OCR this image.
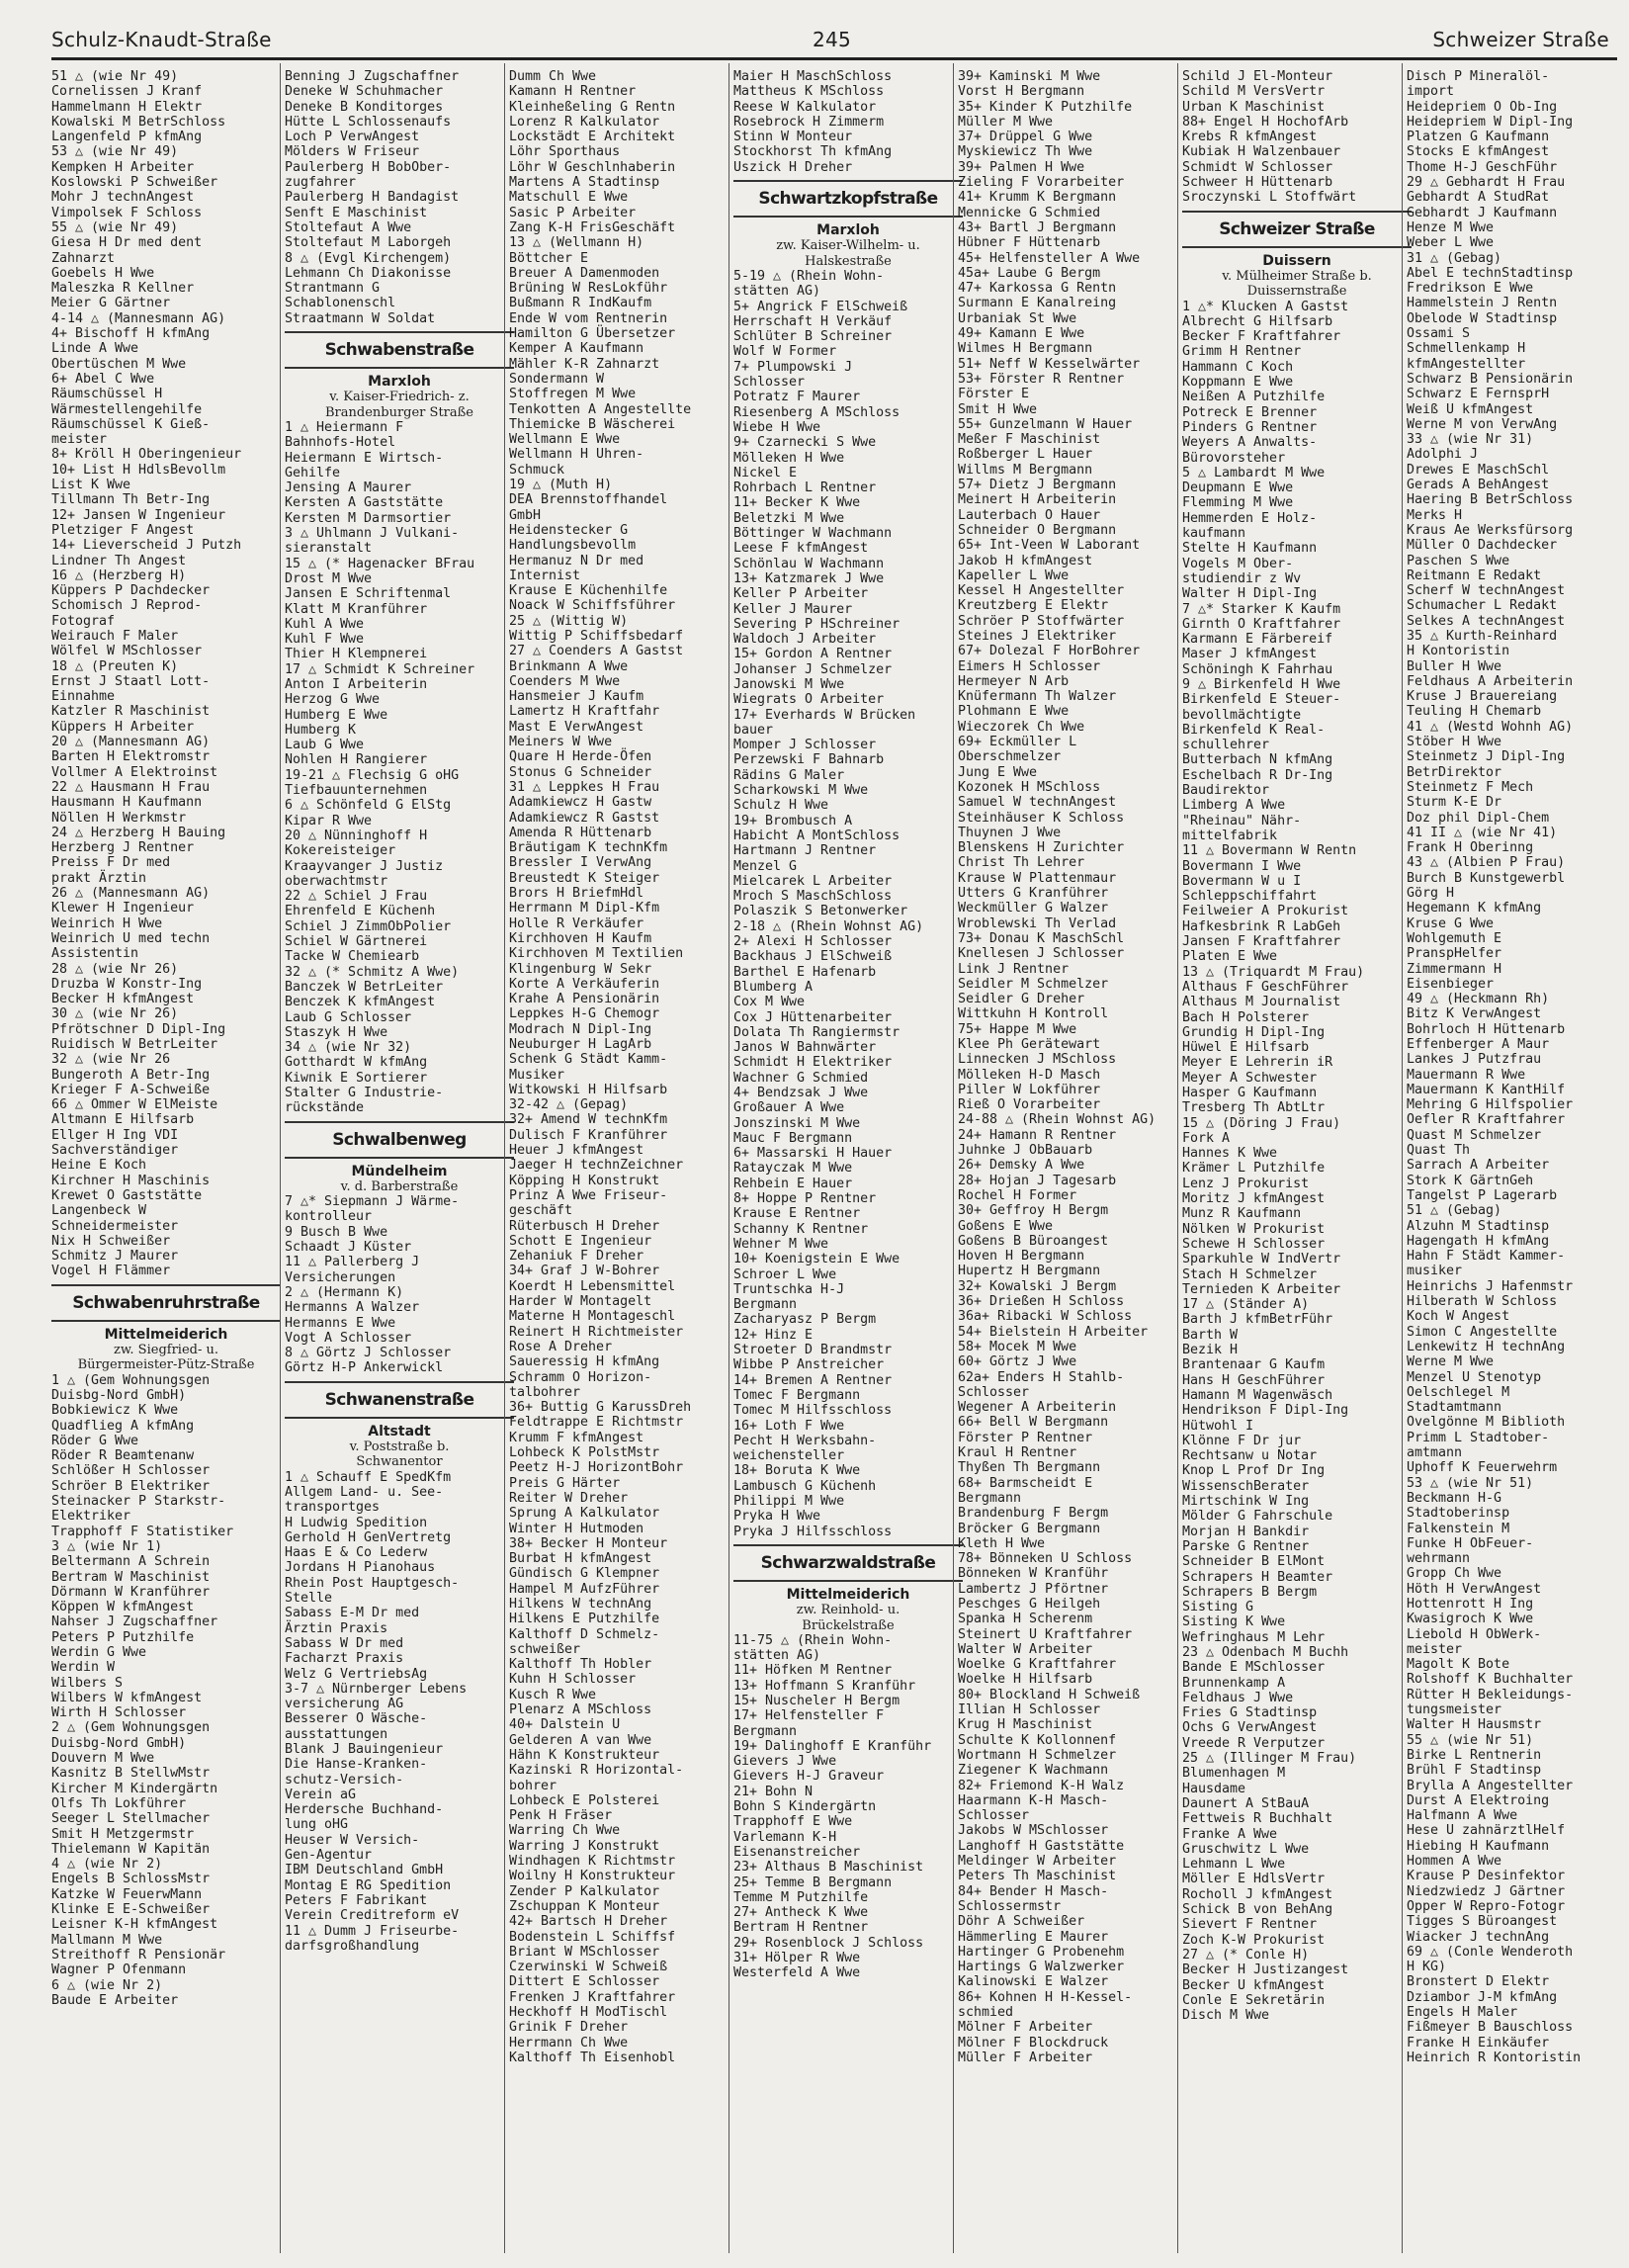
Schulz-Knaudt-Straße	245	Schweizer Straße
51 △ (wie Nr 49)
Cornelissen J Kranf
Hammelmann H Elektr
Kowalski M BetrSchloss
Langenfeld P kfmAng
53 △ (wie Nr 49)
Kempken H Arbeiter
Koslowski P Schweißer
Mohr J technAngest
Vimpolsek F Schloss
55 △ (wie Nr 49)
Giesa H Dr med dent
Zahnarzt
Goebels H Wwe
Maleszka R Kellner
Meier G Gärtner
4-14 △ (Mannesmann AG)
4+ Bischoff H kfmAng
Linde A Wwe
Obertüschen M Wwe
6+ Abel C Wwe
Räumschüssel H
Wärmestellengehilfe
Räumschüssel K Gieß-
meister
8+ Kröll H Oberingenieur
10+ List H HdlsBevollm
List K Wwe
Tillmann Th Betr-Ing
12+ Jansen W Ingenieur
Pletziger F Angest
14+ Lieverscheid J Putzh
Lindner Th Angest
16 △ (Herzberg H)
Küppers P Dachdecker
Schomisch J Reprod-
Fotograf
Weirauch F Maler
Wölfel W MSchlosser
18 △ (Preuten K)
Ernst J Staatl Lott-
Einnahme
Katzler R Maschinist
Küppers H Arbeiter
20 △ (Mannesmann AG)
Barten H Elektromstr
Vollmer A Elektroinst
22 △ Hausmann H Frau
Hausmann H Kaufmann
Nöllen H Werkmstr
24 △ Herzberg H Bauing
Herzberg J Rentner
Preiss F Dr med
prakt Ärztin
26 △ (Mannesmann AG)
Klewer H Ingenieur
Weinrich H Wwe
Weinrich U med techn
Assistentin
28 △ (wie Nr 26)
Druzba W Konstr-Ing
Becker H kfmAngest
30 △ (wie Nr 26)
Pfrötschner D Dipl-Ing
Ruidisch W BetrLeiter
32 △ (wie Nr 26
Bungeroth A Betr-Ing
Krieger F A-Schweiße
66 △ Ommer W ElMeiste
Altmann E Hilfsarb
Ellger H Ing VDI
Sachverständiger
Heine E Koch
Kirchner H Maschinis
Krewet O Gaststätte
Langenbeck W
Schneidermeister
Nix H Schweißer
Schmitz J Maurer
Vogel H Flämmer
Schwabenruhrstraße
Mittelmeiderich
zw. Siegfried- u.
Bürgermeister-Pütz-Straße
1 △ (Gem Wohnungsgen
Duisbg-Nord GmbH)
Bobkiewicz K Wwe
Quadflieg A kfmAng
Röder G Wwe
Röder R Beamtenanw
Schlößer H Schlosser
Schröer B Elektriker
Steinacker P Starkstr-
Elektriker
Trapphoff F Statistiker
3 △ (wie Nr 1)
Beltermann A Schrein
Bertram W Maschinist
Dörmann W Kranführer
Köppen W kfmAngest
Nahser J Zugschaffner
Peters P Putzhilfe
Werdin G Wwe
Werdin W
Wilbers S
Wilbers W kfmAngest
Wirth H Schlosser
2 △ (Gem Wohnungsgen
Duisbg-Nord GmbH)
Douvern M Wwe
Kasnitz B StellwMstr
Kircher M Kindergärtn
Olfs Th Lokführer
Seeger L Stellmacher
Smit H Metzgermstr
Thielemann W Kapitän
4 △ (wie Nr 2)
Engels B SchlossMstr
Katzke W FeuerwMann
Klinke E E-Schweißer
Leisner K-H kfmAngest
Mallmann M Wwe
Streithoff R Pensionär
Wagner P Ofenmann
6 △ (wie Nr 2)
Baude E Arbeiter
Benning J Zugschaffner
Deneke W Schuhmacher
Deneke B Konditorges
Hütte L Schlossenaufs
Loch P VerwAngest
Mölders W Friseur
Paulerberg H BobOber-
zugfahrer
Paulerberg H Bandagist
Senft E Maschinist
Stoltefaut A Wwe
Stoltefaut M Laborgeh
8 △ (Evgl Kirchengem)
Lehmann Ch Diakonisse
Strantmann G
Schablonenschl
Straatmann W Soldat
Schwabenstraße
Marxloh
v. Kaiser-Friedrich- z.
Brandenburger Straße
1 △ Heiermann F
Bahnhofs-Hotel
Heiermann E Wirtsch-
Gehilfe
Jensing A Maurer
Kersten A Gaststätte
Kersten M Darmsortier
3 △ Uhlmann J Vulkani-
sieranstalt
15 △ (* Hagenacker BFrau
Drost M Wwe
Jansen E Schriftenmal
Klatt M Kranführer
Kuhl A Wwe
Kuhl F Wwe
Thier H Klempnerei
17 △ Schmidt K Schreiner
Anton I Arbeiterin
Herzog G Wwe
Humberg E Wwe
Humberg K
Laub G Wwe
Nohlen H Rangierer
19-21 △ Flechsig G oHG
Tiefbauunternehmen
6 △ Schönfeld G ElStg
Kipar R Wwe
20 △ Nünninghoff H
Kokereisteiger
Kraayvanger J Justiz
oberwachtmstr
22 △ Schiel J Frau
Ehrenfeld E Küchenh
Schiel J ZimmObPolier
Schiel W Gärtnerei
Tacke W Chemiearb
32 △ (* Schmitz A Wwe)
Banczek W BetrLeiter
Benczek K kfmAngest
Laub G Schlosser
Staszyk H Wwe
34 △ (wie Nr 32)
Gotthardt W kfmAng
Kiwnik E Sortierer
Stalter G Industrie-
rückstände
Schwalbenweg
Mündelheim
v. d. Barberstraße
7 △* Siepmann J Wärme-
kontrolleur
9 Busch B Wwe
Schaadt J Küster
11 △ Pallerberg J
Versicherungen
2 △ (Hermann K)
Hermanns A Walzer
Hermanns E Wwe
Vogt A Schlosser
8 △ Görtz J Schlosser
Görtz H-P Ankerwickl
Schwanenstraße
Altstadt
v. Poststraße b.
Schwanentor
1 △ Schauff E SpedKfm
Allgem Land- u. See-
transportges
H Ludwig Spedition
Gerhold H GenVertretg
Haas E & Co Lederw
Jordans H Pianohaus
Rhein Post Hauptgesch-
Stelle
Sabass E-M Dr med
Ärztin Praxis
Sabass W Dr med
Facharzt Praxis
Welz G VertriebsAg
3-7 △ Nürnberger Lebens
versicherung AG
Besserer O Wäsche-
ausstattungen
Blank J Bauingenieur
Die Hanse-Kranken-
schutz-Versich-
Verein aG
Herdersche Buchhand-
lung oHG
Heuser W Versich-
Gen-Agentur
IBM Deutschland GmbH
Montag E RG Spedition
Peters F Fabrikant
Verein Creditreform eV
11 △ Dumm J Friseurbe-
darfsgroßhandlung
Dumm Ch Wwe
Kamann H Rentner
Kleinheßeling G Rentn
Lorenz R Kalkulator
Lockstädt E Architekt
Löhr Sporthaus
Löhr W Geschlnhaberin
Martens A Stadtinsp
Matschull E Wwe
Sasic P Arbeiter
Zang K-H FrisGeschäft
13 △ (Wellmann H)
Böttcher E
Breuer A Damenmoden
Brüning W ResLokführ
Bußmann R IndKaufm
Ende W vom Rentnerin
Hamilton G Übersetzer
Kemper A Kaufmann
Mähler K-R Zahnarzt
Sondermann W
Stoffregen M Wwe
Tenkotten A Angestellte
Thiemicke B Wäscherei
Wellmann E Wwe
Wellmann H Uhren-
Schmuck
19 △ (Muth H)
DEA Brennstoffhandel
GmbH
Heidenstecker G
Handlungsbevollm
Hermanuz N Dr med
Internist
Krause E Küchenhilfe
Noack W Schiffsführer
25 △ (Wittig W)
Wittig P Schiffsbedarf
27 △ Coenders A Gastst
Brinkmann A Wwe
Coenders M Wwe
Hansmeier J Kaufm
Lamertz H Kraftfahr
Mast E VerwAngest
Meiners W Wwe
Quare H Herde-Öfen
Stonus G Schneider
31 △ Leppkes H Frau
Adamkiewcz H Gastw
Adamkiewcz R Gastst
Amenda R Hüttenarb
Bräutigam K technKfm
Bressler I VerwAng
Breustedt K Steiger
Brors H BriefmHdl
Herrmann M Dipl-Kfm
Holle R Verkäufer
Kirchhoven H Kaufm
Kirchhoven M Textilien
Klingenburg W Sekr
Korte A Verkäuferin
Krahe A Pensionärin
Leppkes H-G Chemogr
Modrach N Dipl-Ing
Neuburger H LagArb
Schenk G Städt Kamm-
Musiker
Witkowski H Hilfsarb
32-42 △ (Gepag)
32+ Amend W technKfm
Dulisch F Kranführer
Heuer J kfmAngest
Jaeger H technZeichner
Köpping H Konstrukt
Prinz A Wwe Friseur-
geschäft
Rüterbusch H Dreher
Schott E Ingenieur
Zehaniuk F Dreher
34+ Graf J W-Bohrer
Koerdt H Lebensmittel
Harder W Montagelt
Materne H Montageschl
Reinert H Richtmeister
Rose A Dreher
Saueressig H kfmAng
Schramm O Horizon-
talbohrer
36+ Buttig G KarussDreh
Feldtrappe E Richtmstr
Krumm F kfmAngest
Lohbeck K PolstMstr
Peetz H-J HorizontBohr
Preis G Härter
Reiter W Dreher
Sprung A Kalkulator
Winter H Hutmoden
38+ Becker H Monteur
Burbat H kfmAngest
Gündisch G Klempner
Hampel M AufzFührer
Hilkens W technAng
Hilkens E Putzhilfe
Kalthoff D Schmelz-
schweißer
Kalthoff Th Hobler
Kuhn H Schlosser
Kusch R Wwe
Plenarz A MSchloss
40+ Dalstein U
Gelderen A van Wwe
Hähn K Konstrukteur
Kazinski R Horizontal-
bohrer
Lohbeck E Polsterei
Penk H Fräser
Warring Ch Wwe
Warring J Konstrukt
Windhagen K Richtmstr
Woilny H Konstrukteur
Zender P Kalkulator
Zschuppan K Monteur
42+ Bartsch H Dreher
Bodenstein L Schiffsf
Briant W MSchlosser
Czerwinski W Schweiß
Dittert E Schlosser
Frenken J Kraftfahrer
Heckhoff H ModTischl
Grinik F Dreher
Herrmann Ch Wwe
Kalthoff Th Eisenhobl
Maier H MaschSchloss
Mattheus K MSchloss
Reese W Kalkulator
Rosebrock H Zimmerm
Stinn W Monteur
Stockhorst Th kfmAng
Uszick H Dreher
Schwartzkopfstraße
Marxloh
zw. Kaiser-Wilhelm- u.
Halskestraße
5-19 △ (Rhein Wohn-
stätten AG)
5+ Angrick F ElSchweiß
Herrschaft H Verkäuf
Schlüter B Schreiner
Wolf W Former
7+ Plumpowski J
Schlosser
Potratz F Maurer
Riesenberg A MSchloss
Wiebe H Wwe
9+ Czarnecki S Wwe
Mölleken H Wwe
Nickel E
Rohrbach L Rentner
11+ Becker K Wwe
Beletzki M Wwe
Böttinger W Wachmann
Leese F kfmAngest
Schönlau W Wachmann
13+ Katzmarek J Wwe
Keller P Arbeiter
Keller J Maurer
Severing P HSchreiner
Waldoch J Arbeiter
15+ Gordon A Rentner
Johanser J Schmelzer
Janowski M Wwe
Wiegrats O Arbeiter
17+ Everhards W Brücken
bauer
Momper J Schlosser
Perzewski F Bahnarb
Rädins G Maler
Scharkowski M Wwe
Schulz H Wwe
19+ Brombusch A
Habicht A MontSchloss
Hartmann J Rentner
Menzel G
Mielcarek L Arbeiter
Mroch S MaschSchloss
Polaszik S Betonwerker
2-18 △ (Rhein Wohnst AG)
2+ Alexi H Schlosser
Backhaus J ElSchweiß
Barthel E Hafenarb
Blumberg A
Cox M Wwe
Cox J Hüttenarbeiter
Dolata Th Rangiermstr
Janos W Bahnwärter
Schmidt H Elektriker
Wachner G Schmied
4+ Bendzsak J Wwe
Großauer A Wwe
Jonszinski M Wwe
Mauc F Bergmann
6+ Massarski H Hauer
Ratayczak M Wwe
Rehbein E Hauer
8+ Hoppe P Rentner
Krause E Rentner
Schanny K Rentner
Wehner M Wwe
10+ Koenigstein E Wwe
Schroer L Wwe
Truntschka H-J
Bergmann
Zacharyasz P Bergm
12+ Hinz E
Stroeter D Brandmstr
Wibbe P Anstreicher
14+ Bremen A Rentner
Tomec F Bergmann
Tomec M Hilfsschloss
16+ Loth F Wwe
Pecht H Werksbahn-
weichensteller
18+ Boruta K Wwe
Lambusch G Küchenh
Philippi M Wwe
Pryka H Wwe
Pryka J Hilfsschloss
Schwarzwaldstraße
Mittelmeiderich
zw. Reinhold- u.
Brückelstraße
11-75 △ (Rhein Wohn-
stätten AG)
11+ Höfken M Rentner
13+ Hoffmann S Kranführ
15+ Nuscheler H Bergm
17+ Helfensteller F
Bergmann
19+ Dalinghoff E Kranführ
Gievers J Wwe
Gievers H-J Graveur
21+ Bohn N
Bohn S Kindergärtn
Trapphoff E Wwe
Varlemann K-H
Eisenanstreicher
23+ Althaus B Maschinist
25+ Temme B Bergmann
Temme M Putzhilfe
27+ Antheck K Wwe
Bertram H Rentner
29+ Rosenblock J Schloss
31+ Hölper R Wwe
Westerfeld A Wwe
39+ Kaminski M Wwe
Vorst H Bergmann
35+ Kinder K Putzhilfe
Müller M Wwe
37+ Drüppel G Wwe
Myskiewicz Th Wwe
39+ Palmen H Wwe
Zieling F Vorarbeiter
41+ Krumm K Bergmann
Mennicke G Schmied
43+ Bartl J Bergmann
Hübner F Hüttenarb
45+ Helfensteller A Wwe
45a+ Laube G Bergm
47+ Karkossa G Rentn
Surmann E Kanalreing
Urbaniak St Wwe
49+ Kamann E Wwe
Wilmes H Bergmann
51+ Neff W Kesselwärter
53+ Förster R Rentner
Förster E
Smit H Wwe
55+ Gunzelmann W Hauer
Meßer F Maschinist
Roßberger L Hauer
Willms M Bergmann
57+ Dietz J Bergmann
Meinert H Arbeiterin
Lauterbach O Hauer
Schneider O Bergmann
65+ Int-Veen W Laborant
Jakob H kfmAngest
Kapeller L Wwe
Kessel H Angestellter
Kreutzberg E Elektr
Schröer P Stoffwärter
Steines J Elektriker
67+ Dolezal F HorBohrer
Eimers H Schlosser
Hermeyer N Arb
Knüfermann Th Walzer
Plohmann E Wwe
Wieczorek Ch Wwe
69+ Eckmüller L
Oberschmelzer
Jung E Wwe
Kozonek H MSchloss
Samuel W technAngest
Steinhäuser K Schloss
Thuynen J Wwe
Blenskens H Zurichter
Christ Th Lehrer
Krause W Plattenmaur
Utters G Kranführer
Weckmüller G Walzer
Wroblewski Th Verlad
73+ Donau K MaschSchl
Knellesen J Schlosser
Link J Rentner
Seidler M Schmelzer
Seidler G Dreher
Wittkuhn H Kontroll
75+ Happe M Wwe
Klee Ph Gerätewart
Linnecken J MSchloss
Mölleken H-D Masch
Piller W Lokführer
Rieß O Vorarbeiter
24-88 △ (Rhein Wohnst AG)
24+ Hamann R Rentner
Juhnke J ObBauarb
26+ Demsky A Wwe
28+ Hojan J Tagesarb
Rochel H Former
30+ Geffroy H Bergm
Goßens E Wwe
Goßens B Büroangest
Hoven H Bergmann
Hupertz H Bergmann
32+ Kowalski J Bergm
36+ Drießen H Schloss
36a+ Ribacki W Schloss
54+ Bielstein H Arbeiter
58+ Mocek M Wwe
60+ Görtz J Wwe
62a+ Enders H Stahlb-
Schlosser
Wegener A Arbeiterin
66+ Bell W Bergmann
Förster P Rentner
Kraul H Rentner
Thyßen Th Bergmann
68+ Barmscheidt E
Bergmann
Brandenburg F Bergm
Bröcker G Bergmann
Kleth H Wwe
78+ Bönneken U Schloss
Bönneken W Kranführ
Lambertz J Pförtner
Peschges G Heilgeh
Spanka H Scherenm
Steinert U Kraftfahrer
Walter W Arbeiter
Woelke G Kraftfahrer
Woelke H Hilfsarb
80+ Blockland H Schweiß
Illian H Schlosser
Krug H Maschinist
Schulte K Kollonnenf
Wortmann H Schmelzer
Ziegener K Wachmann
82+ Friemond K-H Walz
Haarmann K-H Masch-
Schlosser
Jakobs W MSchlosser
Langhoff H Gaststätte
Meldinger W Arbeiter
Peters Th Maschinist
84+ Bender H Masch-
Schlossermstr
Döhr A Schweißer
Hämmerling E Maurer
Hartinger G Probenehm
Hartings G Walzwerker
Kalinowski E Walzer
86+ Kohnen H H-Kessel-
schmied
Mölner F Arbeiter
Mölner F Blockdruck
Müller F Arbeiter
Schild J El-Monteur
Schild M VersVertr
Urban K Maschinist
88+ Engel H HochofArb
Krebs R kfmAngest
Kubiak H Walzenbauer
Schmidt W Schlosser
Schweer H Hüttenarb
Sroczynski L Stoffwärt
Schweizer Straße
Duissern
v. Mülheimer Straße b.
Duissernstraße
1 △* Klucken A Gastst
Albrecht G Hilfsarb
Becker F Kraftfahrer
Grimm H Rentner
Hammann C Koch
Koppmann E Wwe
Neißen A Putzhilfe
Potreck E Brenner
Pinders G Rentner
Weyers A Anwalts-
Bürovorsteher
5 △ Lambardt M Wwe
Deupmann E Wwe
Flemming M Wwe
Hemmerden E Holz-
kaufmann
Stelte H Kaufmann
Vogels M Ober-
studiendir z Wv
Walter H Dipl-Ing
7 △* Starker K Kaufm
Girnth O Kraftfahrer
Karmann E Färbereif
Maser J kfmAngest
Schöningh K Fahrhau
9 △ Birkenfeld H Wwe
Birkenfeld E Steuer-
bevollmächtigte
Birkenfeld K Real-
schullehrer
Butterbach N kfmAng
Eschelbach R Dr-Ing
Baudirektor
Limberg A Wwe
"Rheinau" Nähr-
mittelfabrik
11 △ Bovermann W Rentn
Bovermann I Wwe
Bovermann W u I
Schleppschiffahrt
Feilweier A Prokurist
Hafkesbrink R LabGeh
Jansen F Kraftfahrer
Platen E Wwe
13 △ (Triquardt M Frau)
Althaus F GeschFührer
Althaus M Journalist
Bach H Polsterer
Grundig H Dipl-Ing
Hüwel E Hilfsarb
Meyer E Lehrerin iR
Meyer A Schwester
Hasper G Kaufmann
Tresberg Th AbtLtr
15 △ (Döring J Frau)
Fork A
Hannes K Wwe
Krämer L Putzhilfe
Lenz J Prokurist
Moritz J kfmAngest
Munz R Kaufmann
Nölken W Prokurist
Schewe H Schlosser
Sparkuhle W IndVertr
Stach H Schmelzer
Ternieden K Arbeiter
17 △ (Ständer A)
Barth J kfmBetrFühr
Barth W
Bezik H
Brantenaar G Kaufm
Hans H GeschFührer
Hamann M Wagenwäsch
Hendrikson F Dipl-Ing
Hütwohl I
Klönne F Dr jur
Rechtsanw u Notar
Knop L Prof Dr Ing
WissenschBerater
Mirtschink W Ing
Mölder G Fahrschule
Morjan H Bankdir
Parske G Rentner
Schneider B ElMont
Schrapers H Beamter
Schrapers B Bergm
Sisting G
Sisting K Wwe
Wefringhaus M Lehr
23 △ Odenbach M Buchh
Bande E MSchlosser
Brunnenkamp A
Feldhaus J Wwe
Fries G Stadtinsp
Ochs G VerwAngest
Vreede R Verputzer
25 △ (Illinger M Frau)
Blumenhagen M
Hausdame
Daunert A StBauA
Fettweis R Buchhalt
Franke A Wwe
Gruschwitz L Wwe
Lehmann L Wwe
Möller E HdlsVertr
Rocholl J kfmAngest
Schick B von BehAng
Sievert F Rentner
Zoch K-W Prokurist
27 △ (* Conle H)
Becker H Justizangest
Becker U kfmAngest
Conle E Sekretärin
Disch M Wwe
Disch P Mineralöl-
import
Heidepriem O Ob-Ing
Heidepriem W Dipl-Ing
Platzen G Kaufmann
Stocks E kfmAngest
Thome H-J GeschFühr
29 △ Gebhardt H Frau
Gebhardt A StudRat
Gebhardt J Kaufmann
Henze M Wwe
Weber L Wwe
31 △ (Gebag)
Abel E technStadtinsp
Fredrikson E Wwe
Hammelstein J Rentn
Obelode W Stadtinsp
Ossami S
Schmellenkamp H
kfmAngestellter
Schwarz B Pensionärin
Schwarz E FernsprH
Weiß U kfmAngest
Werne M von VerwAng
33 △ (wie Nr 31)
Adolphi J
Drewes E MaschSchl
Gerads A BehAngest
Haering B BetrSchloss
Merks H
Kraus Ae Werksfürsorg
Müller O Dachdecker
Paschen S Wwe
Reitmann E Redakt
Scherf W technAngest
Schumacher L Redakt
Selkes A technAngest
35 △ Kurth-Reinhard
H Kontoristin
Buller H Wwe
Feldhaus A Arbeiterin
Kruse J Brauereiang
Teuling H Chemarb
41 △ (Westd Wohnh AG)
Stöber H Wwe
Steinmetz J Dipl-Ing
BetrDirektor
Steinmetz F Mech
Sturm K-E Dr
Doz phil Dipl-Chem
41 II △ (wie Nr 41)
Frank H Oberinng
43 △ (Albien P Frau)
Burch B Kunstgewerbl
Görg H
Hegemann K kfmAng
Kruse G Wwe
Wohlgemuth E
PranspHelfer
Zimmermann H
Eisenbieger
49 △ (Heckmann Rh)
Bitz K VerwAngest
Bohrloch H Hüttenarb
Effenberger A Maur
Lankes J Putzfrau
Mauermann R Wwe
Mauermann K KantHilf
Mehring G Hilfspolier
Oefler R Kraftfahrer
Quast M Schmelzer
Quast Th
Sarrach A Arbeiter
Stork K GärtnGeh
Tangelst P Lagerarb
51 △ (Gebag)
Alzuhn M Stadtinsp
Hagengath H kfmAng
Hahn F Städt Kammer-
musiker
Heinrichs J Hafenmstr
Hilberath W Schloss
Koch W Angest
Simon C Angestellte
Lenkewitz H technAng
Werne M Wwe
Menzel U Stenotyp
Oelschlegel M
Stadtamtmann
Ovelgönne M Biblioth
Primm L Stadtober-
amtmann
Uphoff K Feuerwehrm
53 △ (wie Nr 51)
Beckmann H-G
Stadtoberinsp
Falkenstein M
Funke H ObFeuer-
wehrmann
Gropp Ch Wwe
Höth H VerwAngest
Hottenrott H Ing
Kwasigroch K Wwe
Liebold H ObWerk-
meister
Magolt K Bote
Rolshoff K Buchhalter
Rütter H Bekleidungs-
tungsmeister
Walter H Hausmstr
55 △ (wie Nr 51)
Birke L Rentnerin
Brühl F Stadtinsp
Brylla A Angestellter
Durst A Elektroing
Halfmann A Wwe
Hese U zahnärztlHelf
Hiebing H Kaufmann
Hommen A Wwe
Krause P Desinfektor
Niedzwiedz J Gärtner
Opper W Repro-Fotogr
Tigges S Büroangest
Wiacker J technAng
69 △ (Conle Wenderoth
H KG)
Bronstert D Elektr
Dziambor J-M kfmAng
Engels H Maler
Fißmeyer B Bauschloss
Franke H Einkäufer
Heinrich R Kontoristin
